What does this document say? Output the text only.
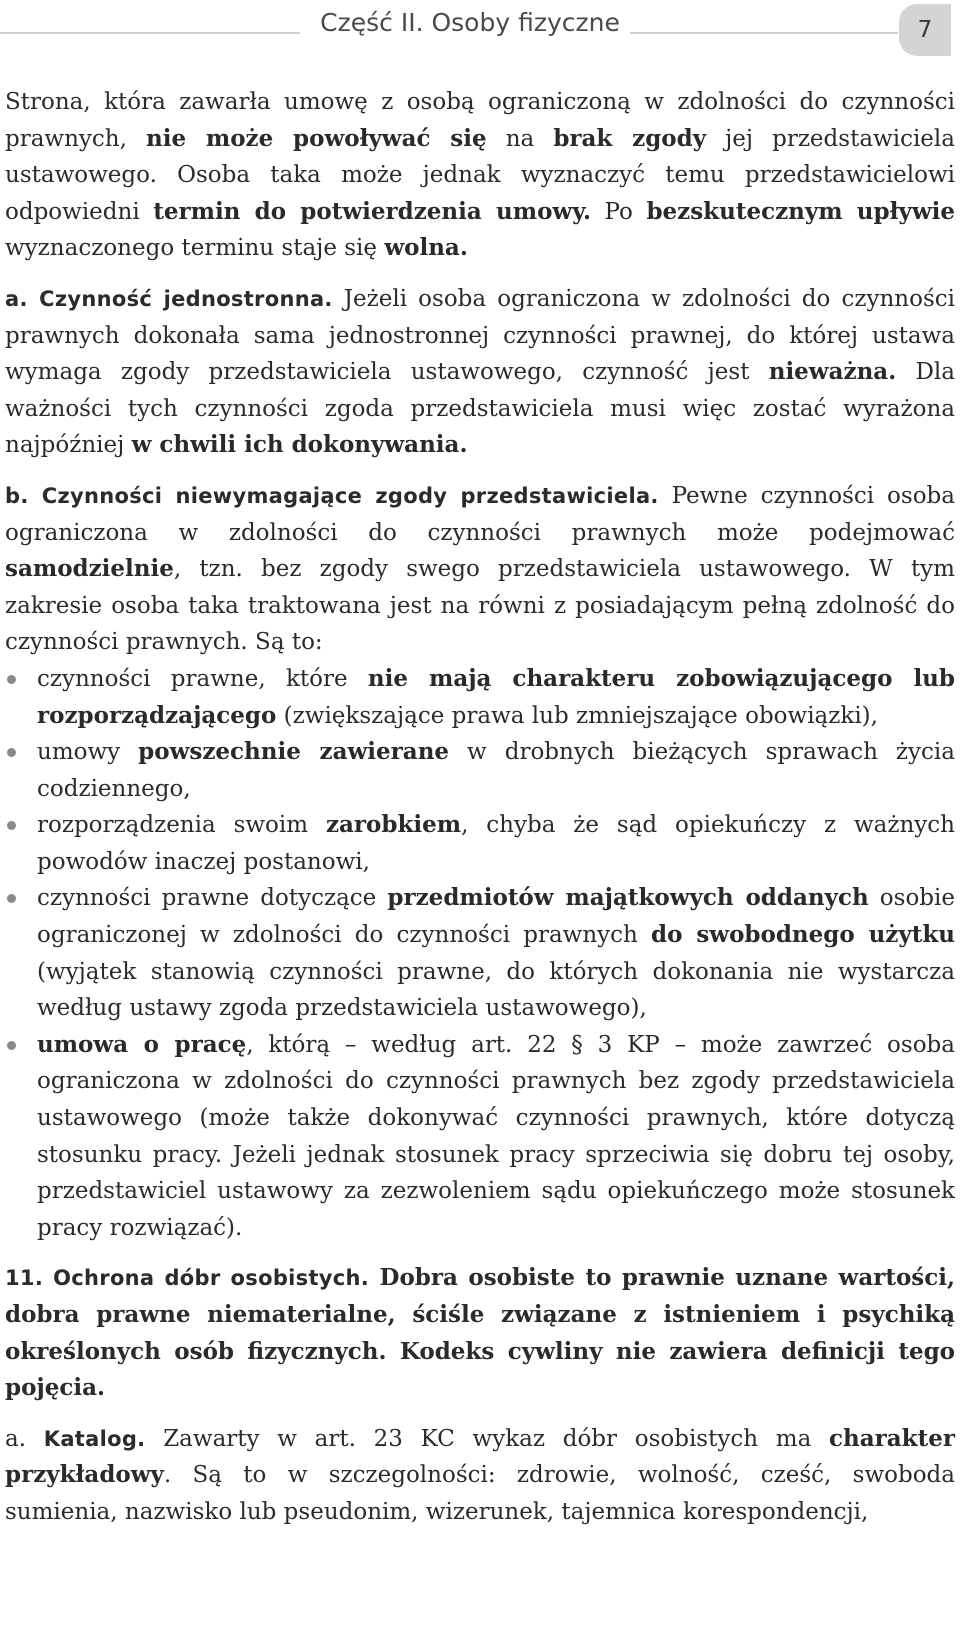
Część II. Osoby fizyczne	7

Strona, która zawarła umowę z osobą ograniczoną w zdolności do czynności prawnych, nie może powoływać się na brak zgody jej przedstawiciela ustawowego. Osoba taka może jednak wyznaczyć temu przedstawicielowi odpowiedni termin do potwierdzenia umowy. Po bezskutecznym upływie wyznaczonego terminu staje się wolna.

a. Czynność jednostronna. Jeżeli osoba ograniczona w zdolności do czynności prawnych dokonała sama jednostronnej czynności prawnej, do której ustawa wymaga zgody przedstawiciela ustawowego, czynność jest nieważna. Dla ważności tych czynności zgoda przedstawiciela musi więc zostać wyrażona najpóźniej w chwili ich dokonywania.

b. Czynności niewymagające zgody przedstawiciela. Pewne czynności osoba ograniczona w zdolności do czynności prawnych może podejmować samodzielnie, tzn. bez zgody swego przedstawiciela ustawowego. W tym zakresie osoba taka traktowana jest na równi z posiadającym pełną zdolność do czynności prawnych. Są to:

czynności prawne, które nie mają charakteru zobowiązującego lub rozporządzającego (zwiększające prawa lub zmniejszające obowiązki),
umowy powszechnie zawierane w drobnych bieżących sprawach życia codziennego,
rozporządzenia swoim zarobkiem, chyba że sąd opiekuńczy z ważnych powodów inaczej postanowi,
czynności prawne dotyczące przedmiotów majątkowych oddanych osobie ograniczonej w zdolności do czynności prawnych do swobodnego użytku (wyjątek stanowią czynności prawne, do których dokonania nie wystarcza według ustawy zgoda przedstawiciela ustawowego),
umowa o pracę, którą – według art. 22 § 3 KP – może zawrzeć osoba ograniczona w zdolności do czynności prawnych bez zgody przedstawiciela ustawowego (może także dokonywać czynności prawnych, które dotyczą stosunku pracy. Jeżeli jednak stosunek pracy sprzeciwia się dobru tej osoby, przedstawiciel ustawowy za zezwoleniem sądu opiekuńczego może stosunek pracy rozwiązać).

11. Ochrona dóbr osobistych. Dobra osobiste to prawnie uznane wartości, dobra prawne niematerialne, ściśle związane z istnieniem i psychiką określonych osób fizycznych. Kodeks cywliny nie zawiera definicji tego pojęcia.

a. Katalog. Zawarty w art. 23 KC wykaz dóbr osobistych ma charakter przykładowy. Są to w szczegolności: zdrowie, wolność, cześć, swoboda sumienia, nazwisko lub pseudonim, wizerunek, tajemnica korespondencji,
